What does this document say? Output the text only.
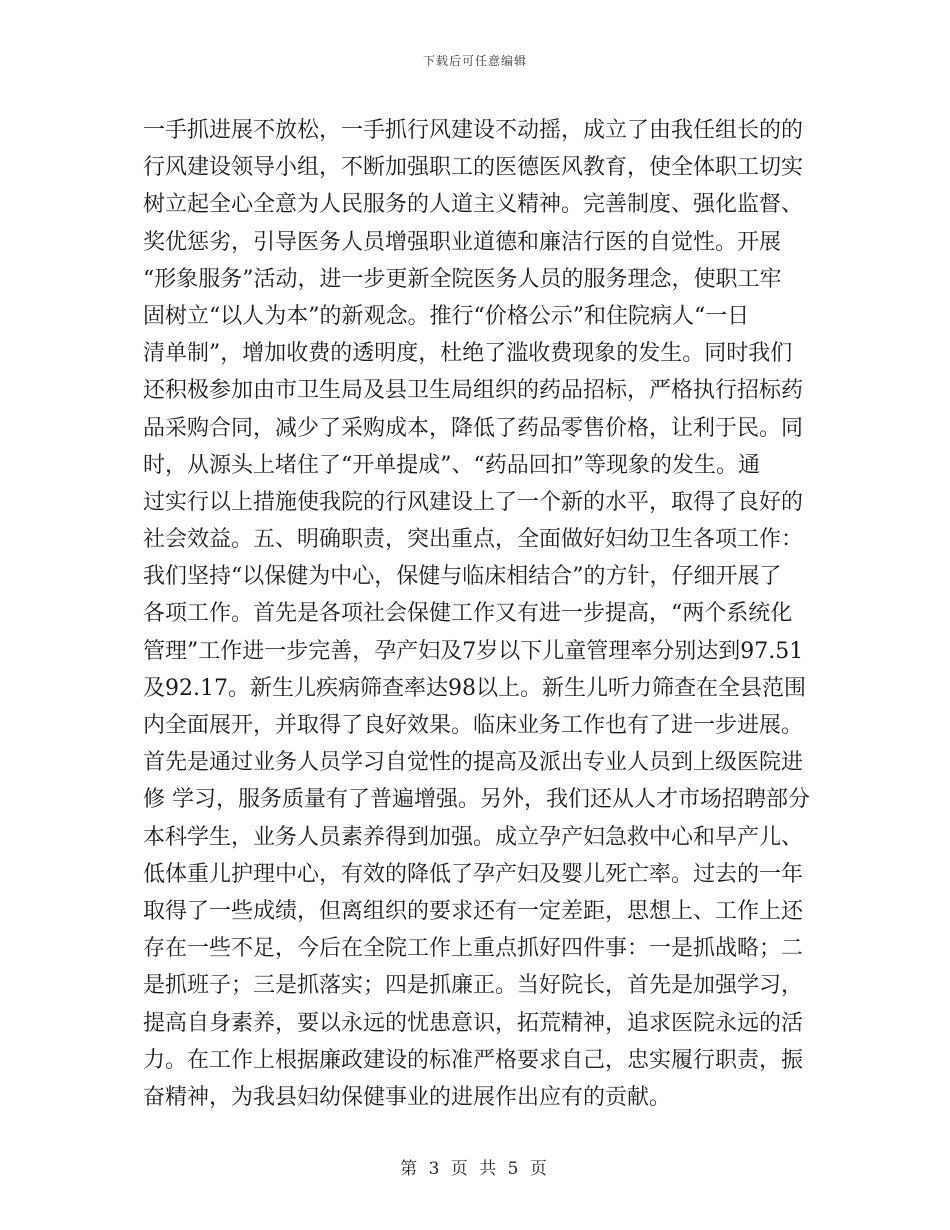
下载后可任意编辑
一手抓进展不放松，一手抓行风建设不动摇，成立了由我任组长的的
行风建设领导小组，不断加强职工的医德医风教育，使全体职工切实
树立起全心全意为人民服务的人道主义精神。完善制度、强化监督、
奖优惩劣，引导医务人员增强职业道德和廉洁行医的自觉性。开展
“形象服务”活动，进一步更新全院医务人员的服务理念，使职工牢
固树立“以人为本”的新观念。推行“价格公示”和住院病人“一日
清单制”，增加收费的透明度，杜绝了滥收费现象的发生。同时我们
还积极参加由市卫生局及县卫生局组织的药品招标，严格执行招标药
品采购合同，减少了采购成本，降低了药品零售价格，让利于民。同
时，从源头上堵住了“开单提成”、“药品回扣”等现象的发生。通
过实行以上措施使我院的行风建设上了一个新的水平，取得了良好的
社会效益。五、明确职责，突出重点，全面做好妇幼卫生各项工作：
我们坚持“以保健为中心，保健与临床相结合”的方针，仔细开展了
各项工作。首先是各项社会保健工作又有进一步提高，“两个系统化
管理”工作进一步完善，孕产妇及7岁以下儿童管理率分别达到97.51
及92.17。新生儿疾病筛查率达98以上。新生儿听力筛查在全县范围
内全面展开，并取得了良好效果。临床业务工作也有了进一步进展。
首先是通过业务人员学习自觉性的提高及派出专业人员到上级医院进
修 学习，服务质量有了普遍增强。另外，我们还从人才市场招聘部分
本科学生，业务人员素养得到加强。成立孕产妇急救中心和早产儿、
低体重儿护理中心，有效的降低了孕产妇及婴儿死亡率。过去的一年
取得了一些成绩，但离组织的要求还有一定差距，思想上、工作上还
存在一些不足，今后在全院工作上重点抓好四件事：一是抓战略；二
是抓班子；三是抓落实；四是抓廉正。当好院长，首先是加强学习，
提高自身素养，要以永远的忧患意识，拓荒精神，追求医院永远的活
力。在工作上根据廉政建设的标准严格要求自己，忠实履行职责，振
奋精神，为我县妇幼保健事业的进展作出应有的贡献。
第 3 页 共 5 页
